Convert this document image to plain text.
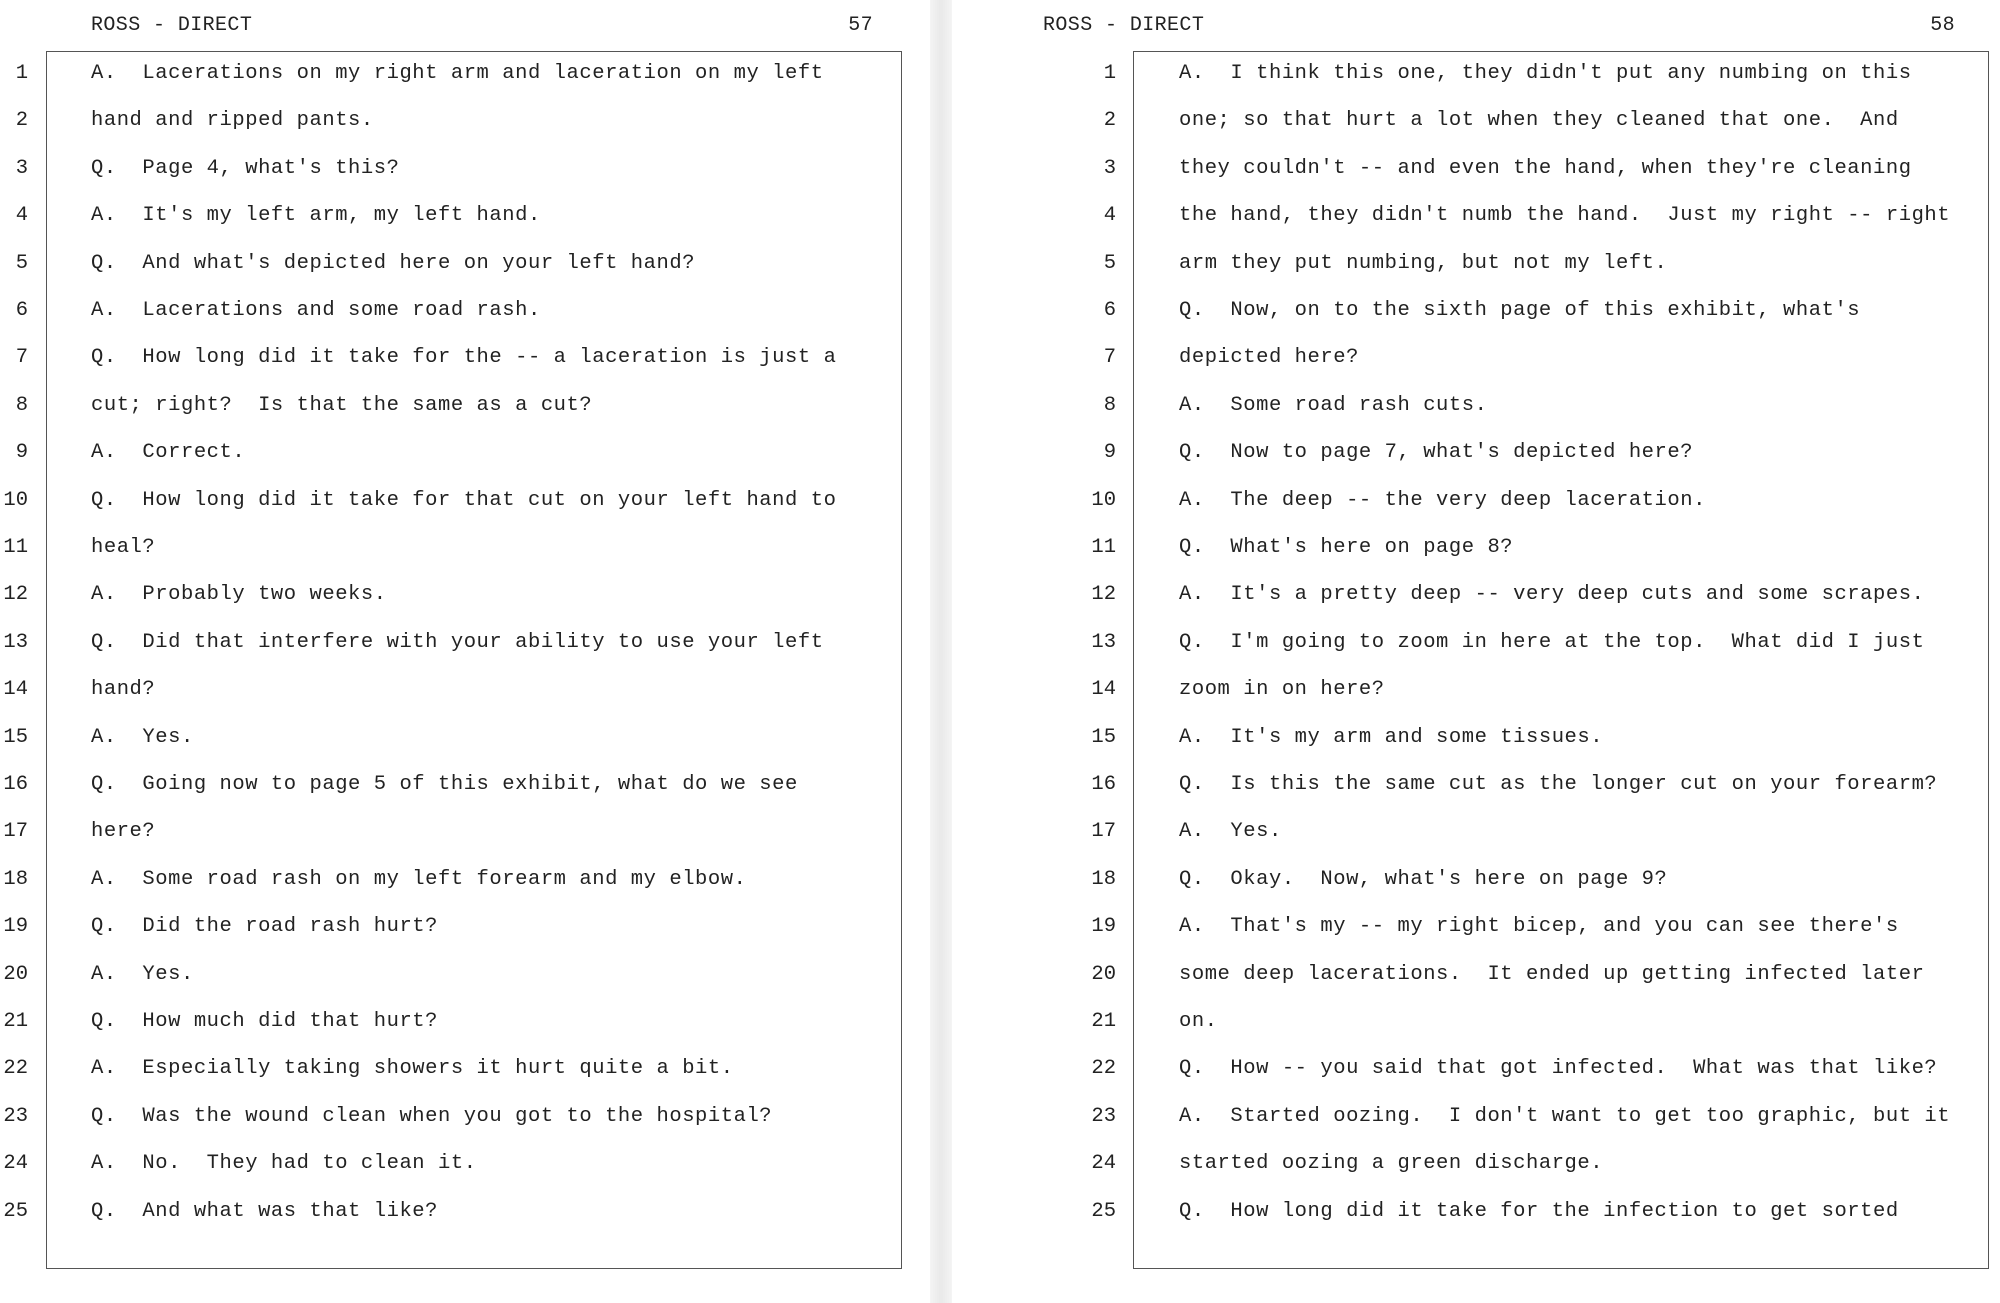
ROSS - DIRECT	57
1	A.  Lacerations on my right arm and laceration on my left
2	hand and ripped pants.
3	Q.  Page 4, what's this?
4	A.  It's my left arm, my left hand.
5	Q.  And what's depicted here on your left hand?
6	A.  Lacerations and some road rash.
7	Q.  How long did it take for the -- a laceration is just a
8	cut; right?  Is that the same as a cut?
9	A.  Correct.
10	Q.  How long did it take for that cut on your left hand to
11	heal?
12	A.  Probably two weeks.
13	Q.  Did that interfere with your ability to use your left
14	hand?
15	A.  Yes.
16	Q.  Going now to page 5 of this exhibit, what do we see
17	here?
18	A.  Some road rash on my left forearm and my elbow.
19	Q.  Did the road rash hurt?
20	A.  Yes.
21	Q.  How much did that hurt?
22	A.  Especially taking showers it hurt quite a bit.
23	Q.  Was the wound clean when you got to the hospital?
24	A.  No.  They had to clean it.
25	Q.  And what was that like?
ROSS - DIRECT	58
1	A.  I think this one, they didn't put any numbing on this
2	one; so that hurt a lot when they cleaned that one.  And
3	they couldn't -- and even the hand, when they're cleaning
4	the hand, they didn't numb the hand.  Just my right -- right
5	arm they put numbing, but not my left.
6	Q.  Now, on to the sixth page of this exhibit, what's
7	depicted here?
8	A.  Some road rash cuts.
9	Q.  Now to page 7, what's depicted here?
10	A.  The deep -- the very deep laceration.
11	Q.  What's here on page 8?
12	A.  It's a pretty deep -- very deep cuts and some scrapes.
13	Q.  I'm going to zoom in here at the top.  What did I just
14	zoom in on here?
15	A.  It's my arm and some tissues.
16	Q.  Is this the same cut as the longer cut on your forearm?
17	A.  Yes.
18	Q.  Okay.  Now, what's here on page 9?
19	A.  That's my -- my right bicep, and you can see there's
20	some deep lacerations.  It ended up getting infected later
21	on.
22	Q.  How -- you said that got infected.  What was that like?
23	A.  Started oozing.  I don't want to get too graphic, but it
24	started oozing a green discharge.
25	Q.  How long did it take for the infection to get sorted
